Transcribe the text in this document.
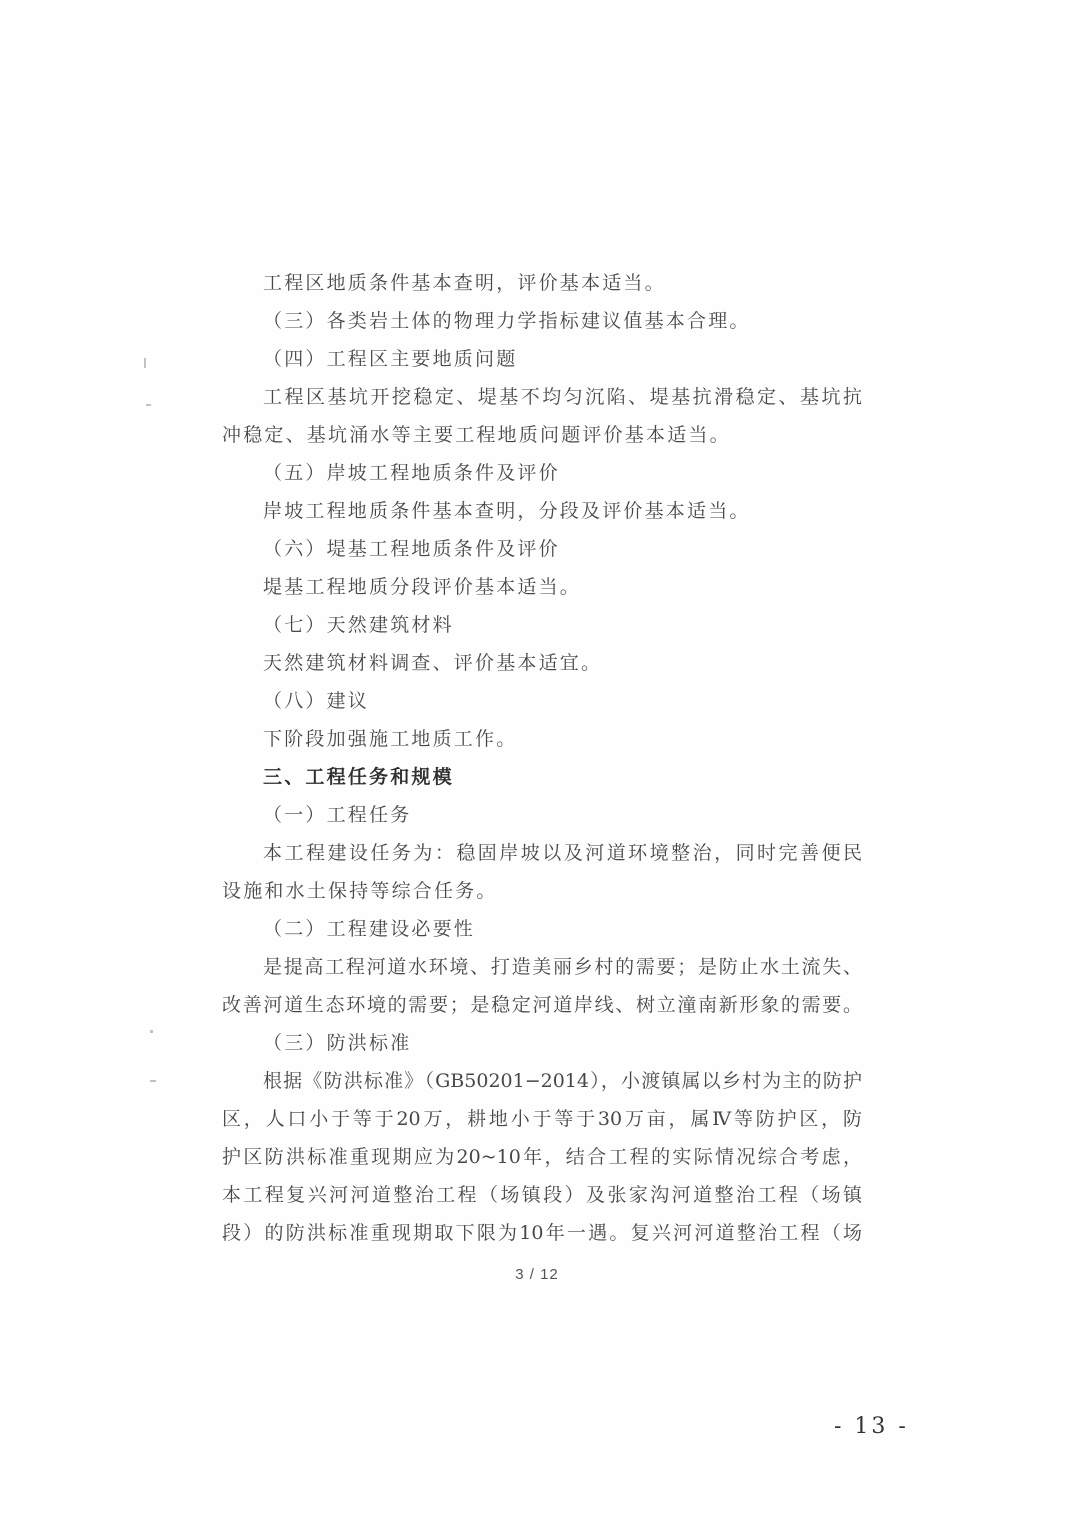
工程区地质条件基本查明，评价基本适当。
（三）各类岩土体的物理力学指标建议值基本合理。
（四）工程区主要地质问题
工程区基坑开挖稳定、堤基不均匀沉陷、堤基抗滑稳定、基坑抗
冲稳定、基坑涌水等主要工程地质问题评价基本适当。
（五）岸坡工程地质条件及评价
岸坡工程地质条件基本查明，分段及评价基本适当。
（六）堤基工程地质条件及评价
堤基工程地质分段评价基本适当。
（七）天然建筑材料
天然建筑材料调查、评价基本适宜。
（八）建议
下阶段加强施工地质工作。
三、工程任务和规模
（一）工程任务
本工程建设任务为：稳固岸坡以及河道环境整治，同时完善便民
设施和水土保持等综合任务。
（二）工程建设必要性
是提高工程河道水环境、打造美丽乡村的需要；是防止水土流失、
改善河道生态环境的需要；是稳定河道岸线、树立潼南新形象的需要。
（三）防洪标准
根据《防洪标准》（GB50201−2014），小渡镇属以乡村为主的防护
区，人口小于等于20万，耕地小于等于30万亩，属Ⅳ等防护区，防
护区防洪标准重现期应为20~10年，结合工程的实际情况综合考虑，
本工程复兴河河道整治工程（场镇段）及张家沟河道整治工程（场镇
段）的防洪标准重现期取下限为10年一遇。复兴河河道整治工程（场
3 / 12
- 13 -
